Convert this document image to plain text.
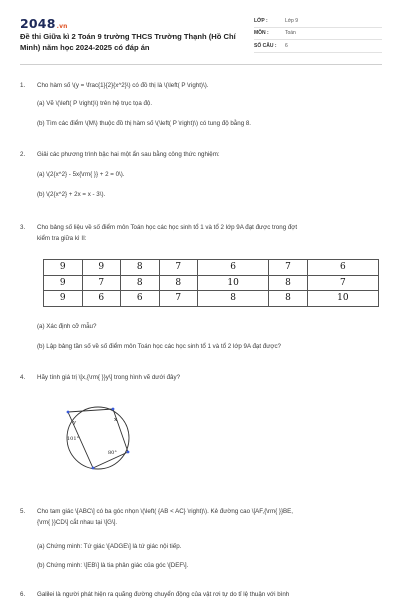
2048.vn
Đề thi Giữa kì 2 Toán 9 trường THCS Trường Thạnh (Hồ Chí Minh) năm học 2024-2025 có đáp án
LỚP :	Lớp 9
MÔN :	Toán
SỐ CÂU :	6
1. Cho hàm số \(y = \frac{1}{2}{x^2}\) có đồ thị là \(\left( P \right)\).
(a) Vẽ \(\left( P \right)\) trên hệ trục tọa độ.
(b) Tìm các điểm \(M\) thuộc đồ thị hàm số \(\left( P \right)\) có tung độ bằng 8.
2. Giải các phương trình bậc hai một ẩn sau bằng công thức nghiệm:
(a) \(2{x^2} - 5x{\rm{ }} + 2 = 0\).
(b) \(2{x^2} + 2x = x - 3\).
3. Cho bảng số liệu về số điểm môn Toán học các học sinh tổ 1 và tổ 2 lớp 9A đạt được trong đợt
kiểm tra giữa kì II:
9	9	8	7	6	7	6
9	7	8	8	10	8	7
9	6	6	7	8	8	10
(a) Xác định cỡ mẫu?
(b) Lập bảng tần số về số điểm môn Toán học các học sinh tổ 1 và tổ 2 lớp 9A đạt được?
4. Hãy tính giá trị \[x,{\rm{ }}y\] trong hình vẽ dưới đây?
x
y
101°
80°
5. Cho tam giác \[ABC\] có ba góc nhọn \(\left( {AB < AC} \right)\). Kẻ đường cao \[AF,{\rm{ }}BE,
{\rm{ }}CD\] cắt nhau tại \[G\].
(a) Chứng minh: Tứ giác \[ADGE\] là tứ giác nội tiếp.
(b) Chứng minh: \[EB\] là tia phân giác của góc \[DEF\].
6. Galilei là người phát hiện ra quãng đường chuyển động của vật rơi tự do tỉ lệ thuận với bình
